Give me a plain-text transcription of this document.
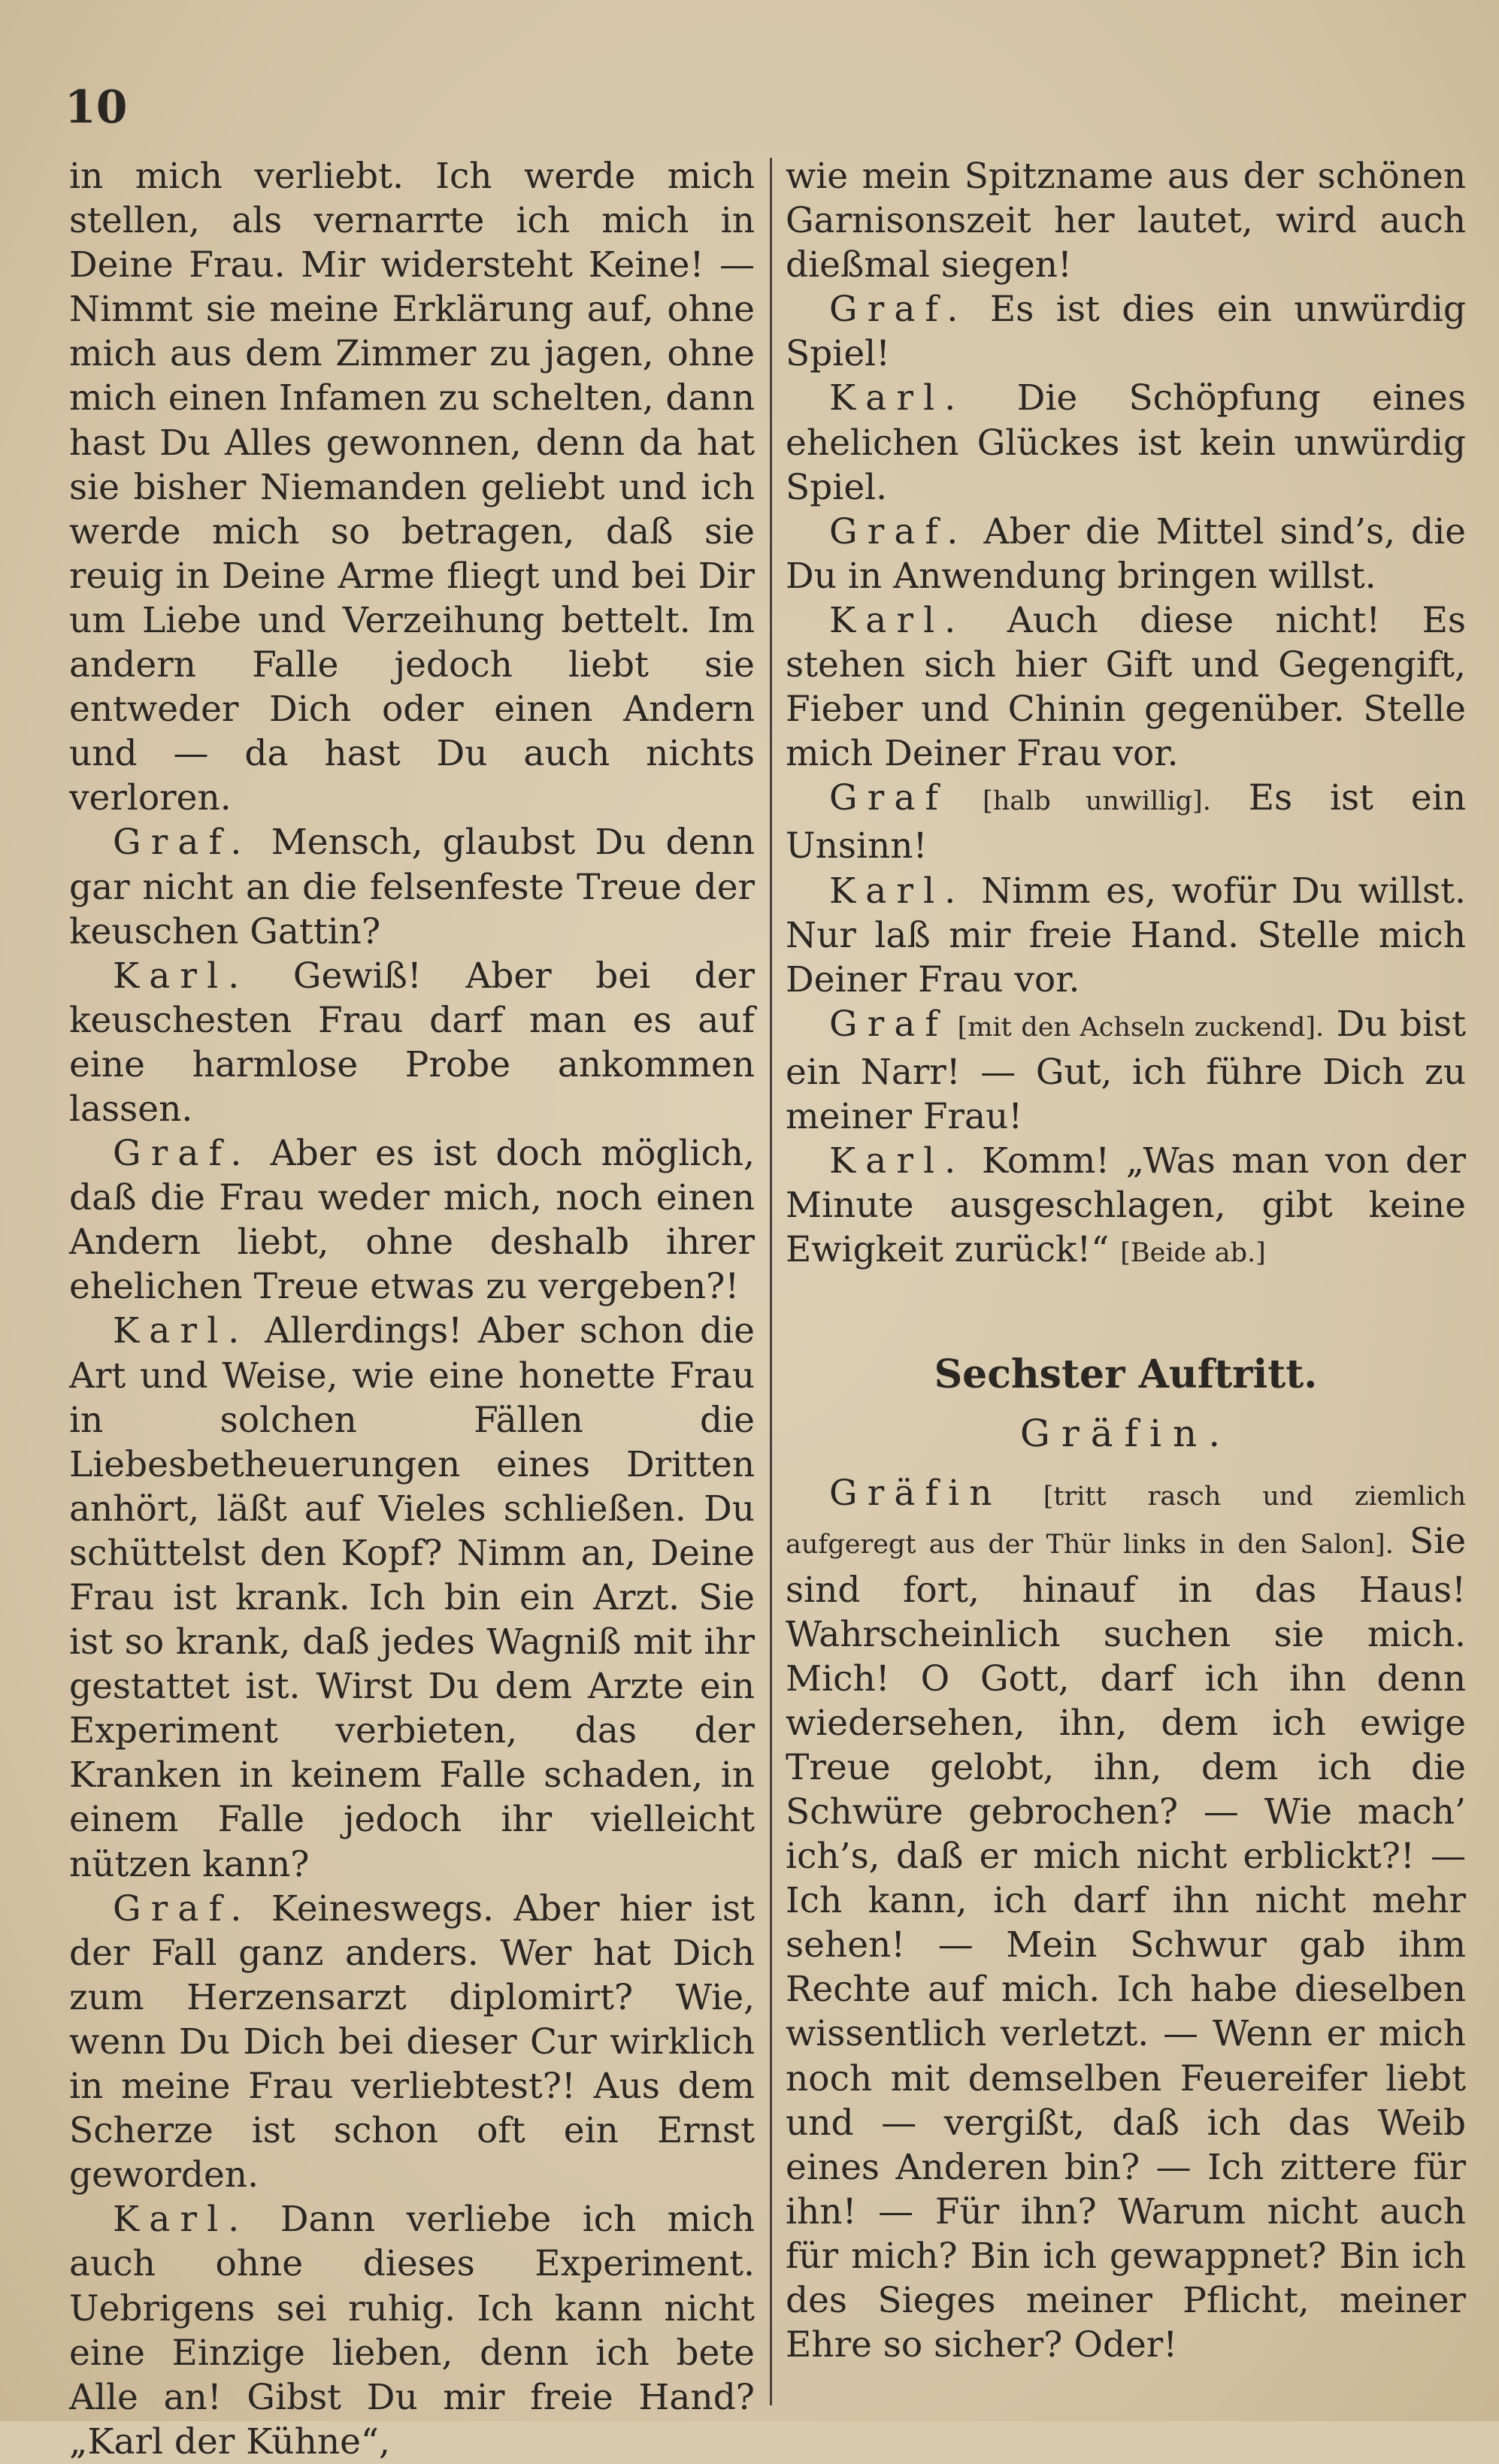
10

in mich verliebt. Ich werde mich stellen, als vernarrte ich mich in Deine Frau. Mir widersteht Keine! — Nimmt sie meine Erklärung auf, ohne mich aus dem Zimmer zu jagen, ohne mich einen Infamen zu schelten, dann hast Du Alles gewonnen, denn da hat sie bisher Niemanden geliebt und ich werde mich so betragen, daß sie reuig in Deine Arme fliegt und bei Dir um Liebe und Verzeihung bettelt. Im andern Falle jedoch liebt sie entweder Dich oder einen Andern und — da hast Du auch nichts verloren.

Graf. Mensch, glaubst Du denn gar nicht an die felsenfeste Treue der keuschen Gattin?

Karl. Gewiß! Aber bei der keuschesten Frau darf man es auf eine harmlose Probe ankommen lassen.

Graf. Aber es ist doch möglich, daß die Frau weder mich, noch einen Andern liebt, ohne deshalb ihrer ehelichen Treue etwas zu vergeben?!

Karl. Allerdings! Aber schon die Art und Weise, wie eine honette Frau in solchen Fällen die Liebesbetheuerungen eines Dritten anhört, läßt auf Vieles schließen. Du schüttelst den Kopf? Nimm an, Deine Frau ist krank. Ich bin ein Arzt. Sie ist so krank, daß jedes Wagniß mit ihr gestattet ist. Wirst Du dem Arzte ein Experiment verbieten, das der Kranken in keinem Falle schaden, in einem Falle jedoch ihr vielleicht nützen kann?

Graf. Keineswegs. Aber hier ist der Fall ganz anders. Wer hat Dich zum Herzensarzt diplomirt? Wie, wenn Du Dich bei dieser Cur wirklich in meine Frau verliebtest?! Aus dem Scherze ist schon oft ein Ernst geworden.

Karl. Dann verliebe ich mich auch ohne dieses Experiment. Uebrigens sei ruhig. Ich kann nicht eine Einzige lieben, denn ich bete Alle an! Gibst Du mir freie Hand? „Karl der Kühne“,

wie mein Spitzname aus der schönen Garnisonszeit her lautet, wird auch dießmal siegen!

Graf. Es ist dies ein unwürdig Spiel!

Karl. Die Schöpfung eines ehelichen Glückes ist kein unwürdig Spiel.

Graf. Aber die Mittel sind’s, die Du in Anwendung bringen willst.

Karl. Auch diese nicht! Es stehen sich hier Gift und Gegengift, Fieber und Chinin gegenüber. Stelle mich Deiner Frau vor.

Graf [halb unwillig]. Es ist ein Unsinn!

Karl. Nimm es, wofür Du willst. Nur laß mir freie Hand. Stelle mich Deiner Frau vor.

Graf [mit den Achseln zuckend]. Du bist ein Narr! — Gut, ich führe Dich zu meiner Frau!

Karl. Komm! „Was man von der Minute ausgeschlagen, gibt keine Ewigkeit zurück!“ [Beide ab.]

Sechster Auftritt.
Gräfin.

Gräfin [tritt rasch und ziemlich aufgeregt aus der Thür links in den Salon]. Sie sind fort, hinauf in das Haus! Wahrscheinlich suchen sie mich. Mich! O Gott, darf ich ihn denn wiedersehen, ihn, dem ich ewige Treue gelobt, ihn, dem ich die Schwüre gebrochen? — Wie mach’ ich’s, daß er mich nicht erblickt?! — Ich kann, ich darf ihn nicht mehr sehen! — Mein Schwur gab ihm Rechte auf mich. Ich habe dieselben wissentlich verletzt. — Wenn er mich noch mit demselben Feuereifer liebt und — vergißt, daß ich das Weib eines Anderen bin? — Ich zittere für ihn! — Für ihn? Warum nicht auch für mich? Bin ich gewappnet? Bin ich des Sieges meiner Pflicht, meiner Ehre so sicher? Oder!
